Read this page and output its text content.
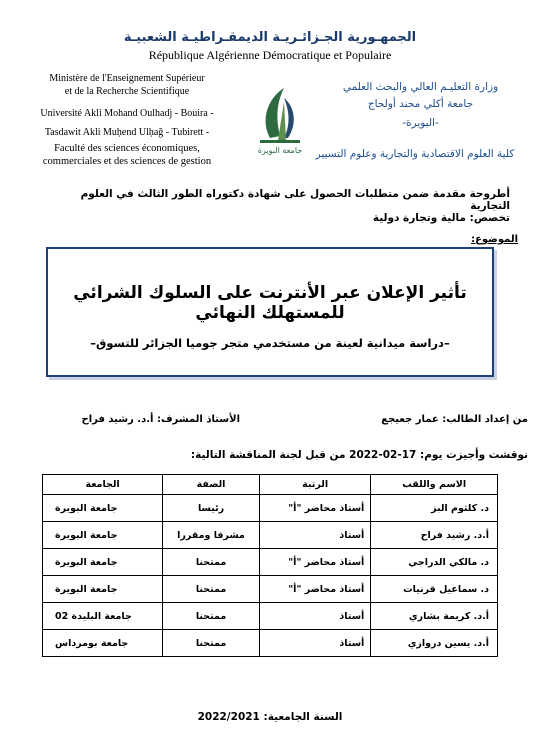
الجمهـورية الجـزائـريـة الديمقـراطيـة الشعبيـة
République Algérienne Démocratique et Populaire
Ministère de l'Enseignement Supérieur
et de la Recherche Scientifique
Université Akli Mohand Oulhadj - Bouira -
Tasdawit Akli Muḥend Ulḥağ - Tubirett -
Faculté des sciences économiques,
commerciales et des sciences de gestion
وزارة التعليـم العالي والبحث العلمي
جامعة أكلي محند أولحاج
-البويرة-
كلية العلوم الاقتصادية والتجارية وعلوم التسيير
جامعة البويرة
أطروحة مقدمة ضمن متطلبات الحصول على شهادة دكتوراه الطور الثالث في العلوم التجارية
تخصص: مالية وتجارة دولية
الموضوع:
تأثير الإعلان عبر الأنترنت على السلوك الشرائي للمستهلك النهائي
–دراسة ميدانية لعينة من مستخدمي متجر جوميا الجزائر للتسوق–
من إعداد الطالب: عمار جعيجع
الأستاذ المشرف: أ.د. رشيد فراح
نوقشت وأجيزت يوم: 17-02-2022 من قبل لجنة المناقشة التالية:
الاسم واللقب	الرتبة	الصفة	الجامعة
د. كلثوم البز	أستاذ محاضر "أ"	رئيسا	جامعة البويرة
أ.د. رشيد فراح	أستاذ	مشرفا ومقررا	جامعة البويرة
د. مالكي الدراجي	أستاذ محاضر "أ"	ممتحنا	جامعة البويرة
د. سماعيل قرنيات	أستاذ محاضر "أ"	ممتحنا	جامعة البويرة
أ.د. كريمة بشاري	أستاذ	ممتحنا	جامعة البليدة 02
أ.د. يسين دروازي	أستاذ	ممتحنا	جامعة بومرداس
السنة الجامعية: 2022/2021
